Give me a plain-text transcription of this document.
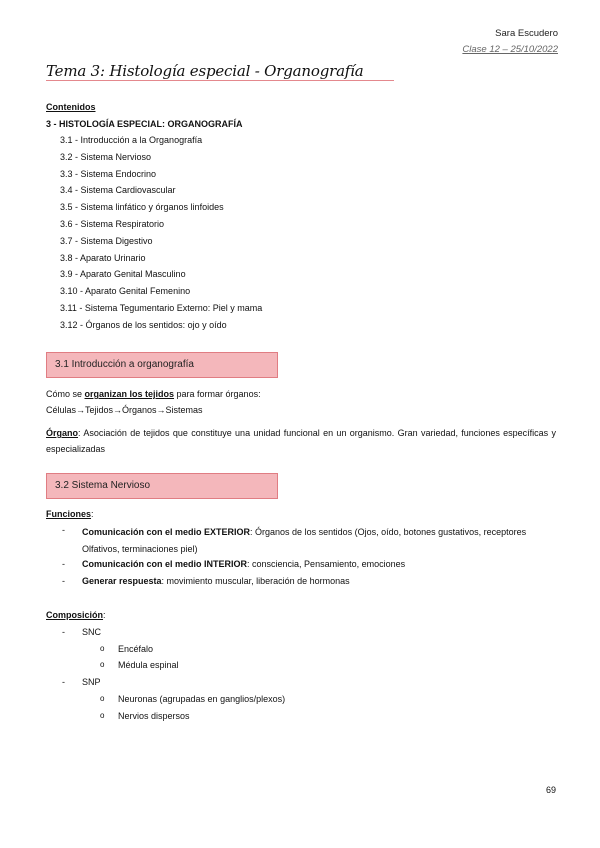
Sara Escudero
Clase 12 – 25/10/2022
Tema 3: Histología especial - Organografía
Contenidos
3 - HISTOLOGÍA ESPECIAL: ORGANOGRAFÍA
3.1 - Introducción a la Organografía
3.2 - Sistema Nervioso
3.3 - Sistema Endocrino
3.4 - Sistema Cardiovascular
3.5 - Sistema linfático y órganos linfoides
3.6 - Sistema Respiratorio
3.7 - Sistema Digestivo
3.8 - Aparato Urinario
3.9 - Aparato Genital Masculino
3.10 - Aparato Genital Femenino
3.11 - Sistema Tegumentario Externo: Piel y mama
3.12 - Órganos de los sentidos: ojo y oído
3.1 Introducción a organografía
Cómo se organizan los tejidos para formar órganos:
Células→Tejidos→Órganos→Sistemas
Órgano: Asociación de tejidos que constituye una unidad funcional en un organismo. Gran variedad, funciones específicas y especializadas
3.2 Sistema Nervioso
Funciones:
- Comunicación con el medio EXTERIOR: Órganos de los sentidos (Ojos, oído, botones gustativos, receptores Olfativos, terminaciones piel)
- Comunicación con el medio INTERIOR: consciencia, Pensamiento, emociones
- Generar respuesta: movimiento muscular, liberación de hormonas
Composición:
- SNC
o Encéfalo
o Médula espinal
- SNP
o Neuronas (agrupadas en ganglios/plexos)
o Nervios dispersos
69
